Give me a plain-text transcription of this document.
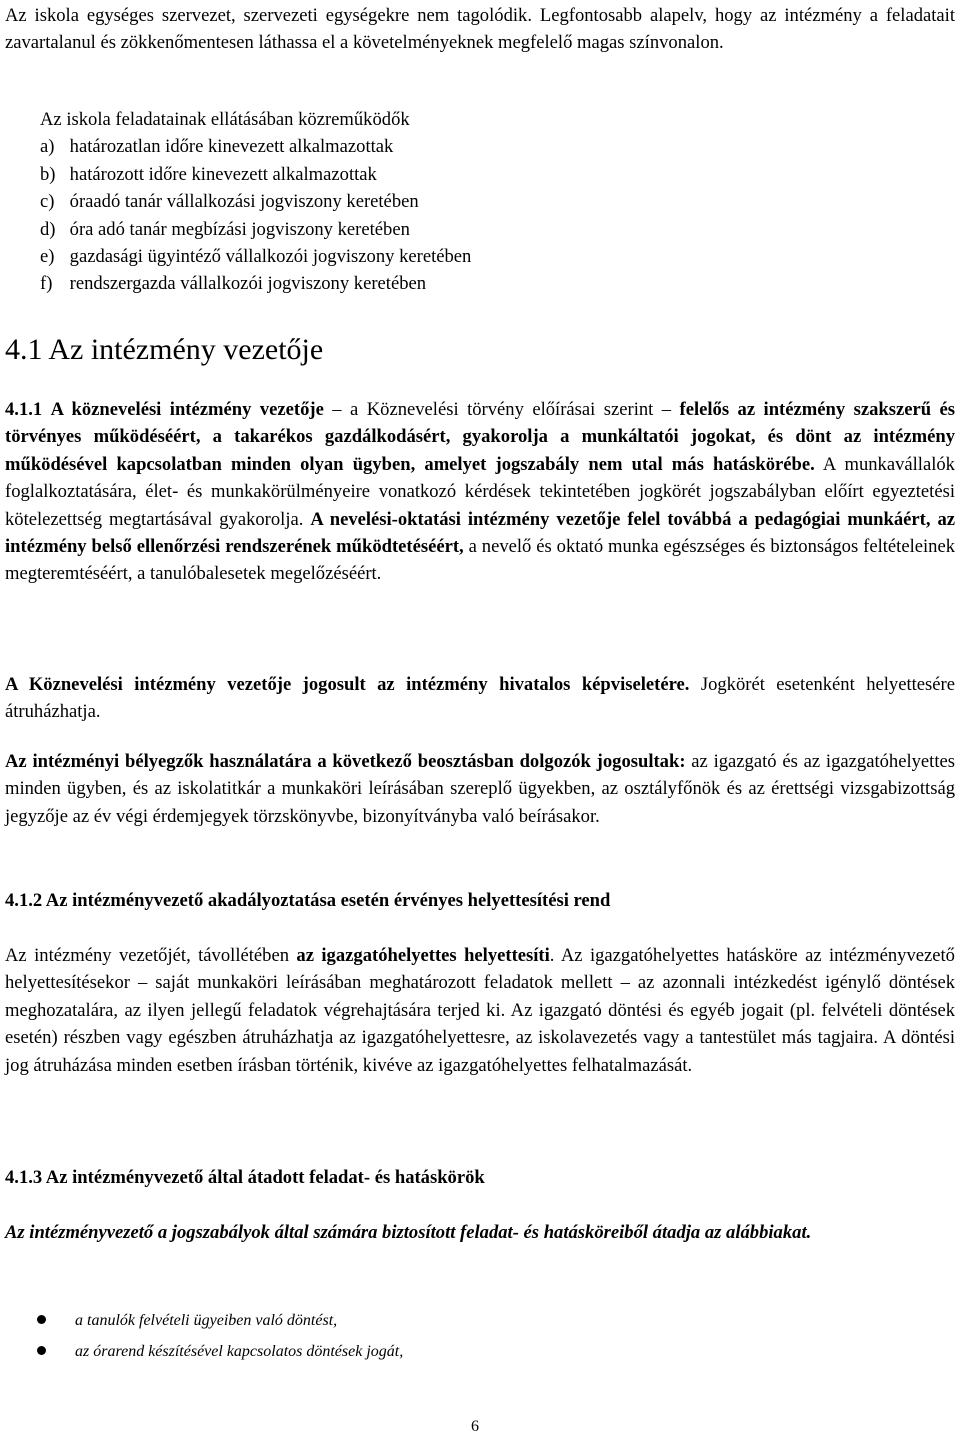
Az iskola egységes szervezet, szervezeti egységekre nem tagolódik. Legfontosabb alapelv, hogy az intézmény a feladatait zavartalanul és zökkenőmentesen láthassa el a követelményeknek megfelelő magas színvonalon.

Az iskola feladatainak ellátásában közreműködők
a) határozatlan időre kinevezett alkalmazottak
b) határozott időre kinevezett alkalmazottak
c) óraadó tanár vállalkozási jogviszony keretében
d) óra adó tanár megbízási jogviszony keretében
e) gazdasági ügyintéző vállalkozói jogviszony keretében
f) rendszergazda vállalkozói jogviszony keretében
4.1 Az intézmény vezetője

4.1.1 A köznevelési intézmény vezetője – a Köznevelési törvény előírásai szerint – felelős az intézmény szakszerű és törvényes működéséért, a takarékos gazdálkodásért, gyakorolja a munkáltatói jogokat, és dönt az intézmény működésével kapcsolatban minden olyan ügyben, amelyet jogszabály nem utal más hatáskörébe. A munkavállalók foglalkoztatására, élet- és munkakörülményeire vonatkozó kérdések tekintetében jogkörét jogszabályban előírt egyeztetési kötelezettség megtartásával gyakorolja. A nevelési-oktatási intézmény vezetője felel továbbá a pedagógiai munkáért, az intézmény belső ellenőrzési rendszerének működtetéséért, a nevelő és oktató munka egészséges és biztonságos feltételeinek megteremtéséért, a tanulóbalesetek megelőzéséért.

A Köznevelési intézmény vezetője jogosult az intézmény hivatalos képviseletére. Jogkörét esetenként helyettesére átruházhatja.

Az intézményi bélyegzők használatára a következő beosztásban dolgozók jogosultak: az igazgató és az igazgatóhelyettes minden ügyben, és az iskolatitkár a munkaköri leírásában szereplő ügyekben, az osztályfőnök és az érettségi vizsgabizottság jegyzője az év végi érdemjegyek törzskönyvbe, bizonyítványba való beírásakor.

4.1.2 Az intézményvezető akadályoztatása esetén érvényes helyettesítési rend

Az intézmény vezetőjét, távollétében az igazgatóhelyettes helyettesíti. Az igazgatóhelyettes hatásköre az intézményvezető helyettesítésekor – saját munkaköri leírásában meghatározott feladatok mellett – az azonnali intézkedést igénylő döntések meghozatalára, az ilyen jellegű feladatok végrehajtására terjed ki. Az igazgató döntési és egyéb jogait (pl. felvételi döntések esetén) részben vagy egészben átruházhatja az igazgatóhelyettesre, az iskolavezetés vagy a tantestület más tagjaira. A döntési jog átruházása minden esetben írásban történik, kivéve az igazgatóhelyettes felhatalmazását.

4.1.3 Az intézményvezető által átadott feladat- és hatáskörök

Az intézményvezető a jogszabályok által számára biztosított feladat- és hatásköreiből átadja az alábbiakat.

a tanulók felvételi ügyeiben való döntést,
az órarend készítésével kapcsolatos döntések jogát,
6
